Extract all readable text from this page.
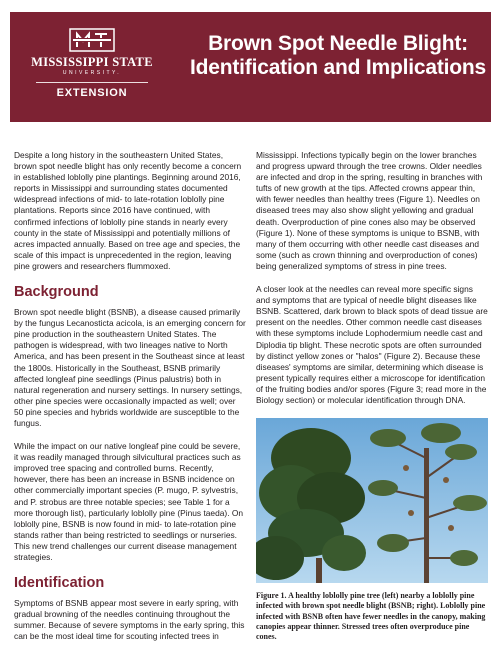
MISSISSIPPI STATE
UNIVERSITY.
EXTENSION
Brown Spot Needle Blight: Identification and Implications

Despite a long history in the southeastern United States, brown spot needle blight has only recently become a concern in established loblolly pine plantings. Beginning around 2016, reports in Mississippi and surrounding states documented widespread infections of mid- to late-rotation loblolly pine plantations. Reports since 2016 have continued, with confirmed infections of loblolly pine stands in nearly every county in the state of Mississippi and potentially millions of acres impacted annually. Based on tree age and species, the scale of this impact is unprecedented in the region, leaving pine growers and researchers flummoxed.

Background

Brown spot needle blight (BSNB), a disease caused primarily by the fungus Lecanosticta acicola, is an emerging concern for pine production in the southeastern United States. The pathogen is widespread, with two lineages native to North America, and has been present in the Southeast since at least the 1800s. Historically in the Southeast, BSNB primarily affected longleaf pine seedlings (Pinus palustris) both in natural regeneration and nursery settings. In nursery settings, other pine species were occasionally impacted as well; over 50 pine species and hybrids worldwide are susceptible to the fungus.

While the impact on our native longleaf pine could be severe, it was readily managed through silvicultural practices such as improved tree spacing and controlled burns. Recently, however, there has been an increase in BSNB incidence on other commercially important species (P. mugo, P. sylvestris, and P. strobus are three notable species; see Table 1 for a more thorough list), particularly loblolly pine (Pinus taeda). On loblolly pine, BSNB is now found in mid- to late-rotation pine stands rather than being restricted to seedlings or nurseries. This new trend challenges our current disease management strategies.

Identification

Symptoms of BSNB appear most severe in early spring, with gradual browning of the needles continuing throughout the summer. Because of severe symptoms in the early spring, this can be the most ideal time for scouting infected trees in

Mississippi. Infections typically begin on the lower branches and progress upward through the tree crowns. Older needles are infected and drop in the spring, resulting in branches with tufts of new growth at the tips. Affected crowns appear thin, with fewer needles than healthy trees (Figure 1). Needles on diseased trees may also show slight yellowing and gradual death. Overproduction of pine cones also may be observed (Figure 1). None of these symptoms is unique to BSNB, with many of them occurring with other needle cast diseases and some (such as crown thinning and overproduction of cones) being generalized symptoms of stress in pine trees.

A closer look at the needles can reveal more specific signs and symptoms that are typical of needle blight diseases like BSNB. Scattered, dark brown to black spots of dead tissue are present on the needles. Other common needle cast diseases with these symptoms include Lophodermium needle cast and Diplodia tip blight. These necrotic spots are often surrounded by distinct yellow zones or "halos" (Figure 2). Because these diseases' symptoms are similar, determining which disease is present typically requires either a microscope for identification of the fruiting bodies and/or spores (Figure 3; read more in the Biology section) or molecular identification through DNA.

Figure 1. A healthy loblolly pine tree (left) nearby a loblolly pine infected with brown spot needle blight (BSNB; right). Loblolly pine infected with BSNB often have fewer needles in the canopy, making canopies appear thinner. Stressed trees often overproduce pine cones.
